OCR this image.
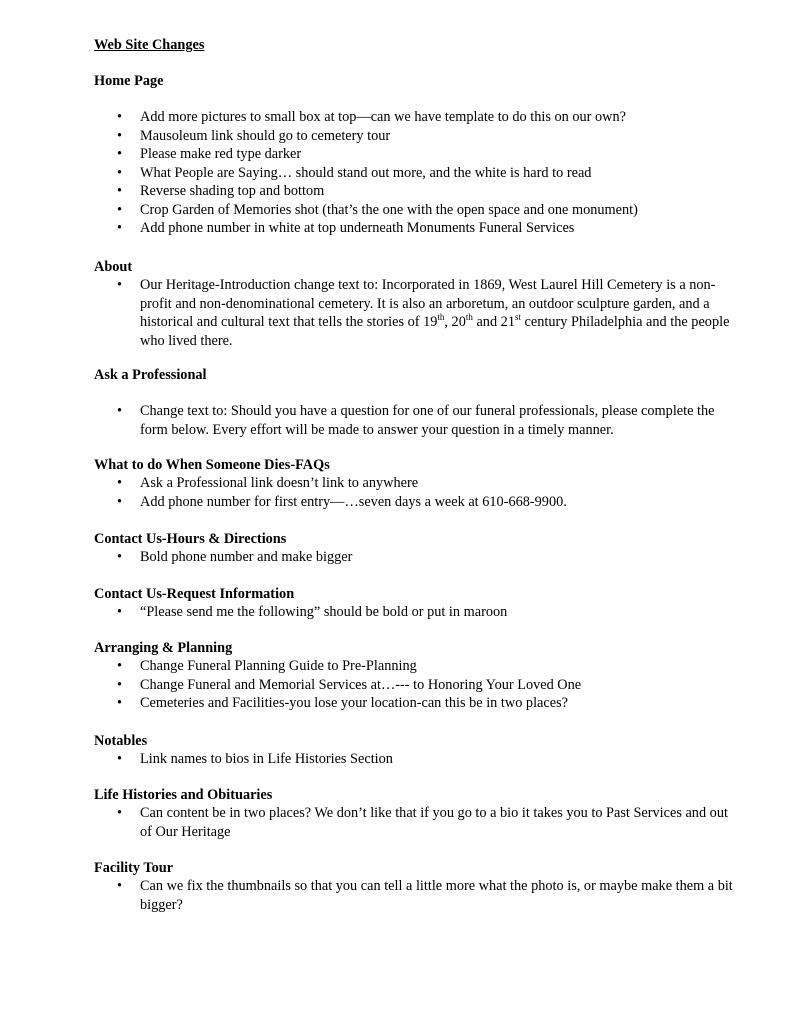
Web Site Changes
Home Page
• Add more pictures to small box at top—can we have template to do this on our own?
• Mausoleum link should go to cemetery tour
• Please make red type darker
• What People are Saying… should stand out more, and the white is hard to read
• Reverse shading top and bottom
• Crop Garden of Memories shot (that’s the one with the open space and one monument)
• Add phone number in white at top underneath Monuments Funeral Services
About
• Our Heritage-Introduction change text to: Incorporated in 1869, West Laurel Hill Cemetery is a non-profit and non-denominational cemetery. It is also an arboretum, an outdoor sculpture garden, and a historical and cultural text that tells the stories of 19th, 20th and 21st century Philadelphia and the people who lived there.
Ask a Professional
• Change text to: Should you have a question for one of our funeral professionals, please complete the form below. Every effort will be made to answer your question in a timely manner.
What to do When Someone Dies-FAQs
• Ask a Professional link doesn’t link to anywhere
• Add phone number for first entry—…seven days a week at 610-668-9900.
Contact Us-Hours & Directions
• Bold phone number and make bigger
Contact Us-Request Information
• “Please send me the following” should be bold or put in maroon
Arranging & Planning
• Change Funeral Planning Guide to Pre-Planning
• Change Funeral and Memorial Services at…--- to Honoring Your Loved One
• Cemeteries and Facilities-you lose your location-can this be in two places?
Notables
• Link names to bios in Life Histories Section
Life Histories and Obituaries
• Can content be in two places? We don’t like that if you go to a bio it takes you to Past Services and out of Our Heritage
Facility Tour
• Can we fix the thumbnails so that you can tell a little more what the photo is, or maybe make them a bit bigger?
